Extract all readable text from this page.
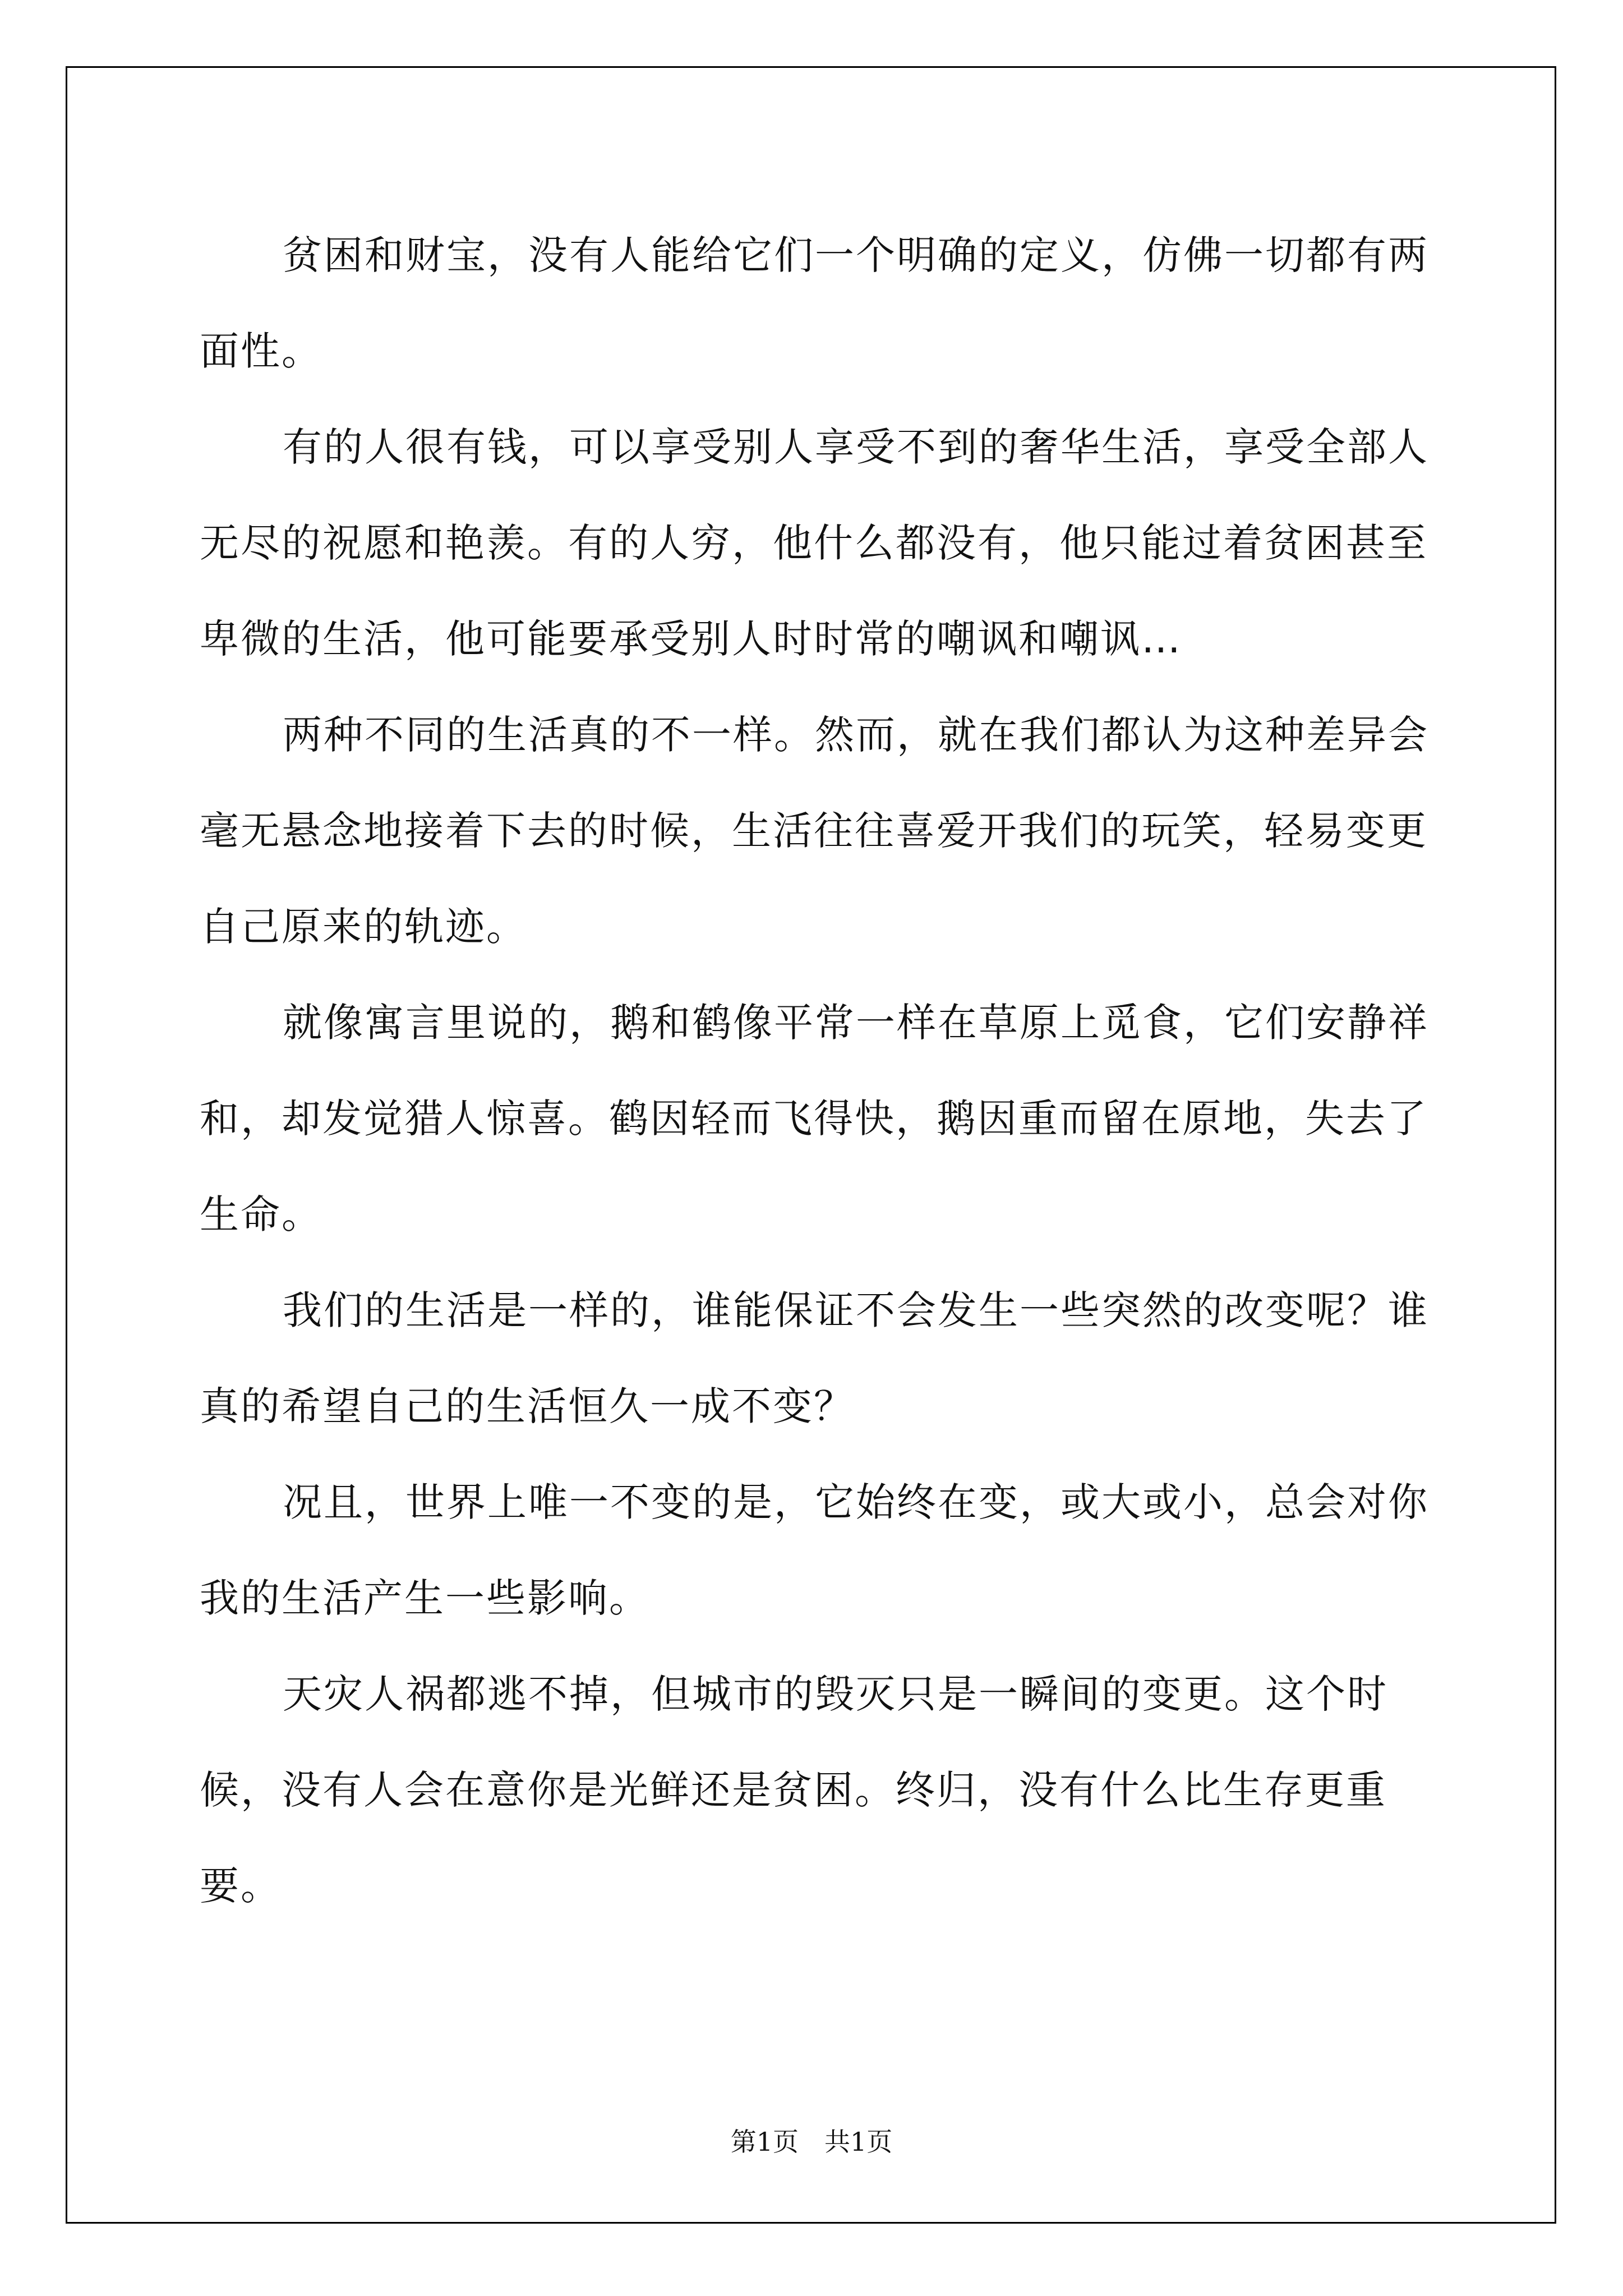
贫困和财宝，没有人能给它们一个明确的定义，仿佛一切都有两面性。

有的人很有钱，可以享受别人享受不到的奢华生活，享受全部人无尽的祝愿和艳羡。有的人穷，他什么都没有，他只能过着贫困甚至卑微的生活，他可能要承受别人时时常的嘲讽和嘲讽…

两种不同的生活真的不一样。然而，就在我们都认为这种差异会毫无悬念地接着下去的时候，生活往往喜爱开我们的玩笑，轻易变更自己原来的轨迹。

就像寓言里说的，鹅和鹤像平常一样在草原上觅食，它们安静祥和，却发觉猎人惊喜。鹤因轻而飞得快，鹅因重而留在原地，失去了生命。

我们的生活是一样的，谁能保证不会发生一些突然的改变呢？谁真的希望自己的生活恒久一成不变？

况且，世界上唯一不变的是，它始终在变，或大或小，总会对你我的生活产生一些影响。

天灾人祸都逃不掉，但城市的毁灭只是一瞬间的变更。这个时候，没有人会在意你是光鲜还是贫困。终归，没有什么比生存更重要。

第1页　共1页
